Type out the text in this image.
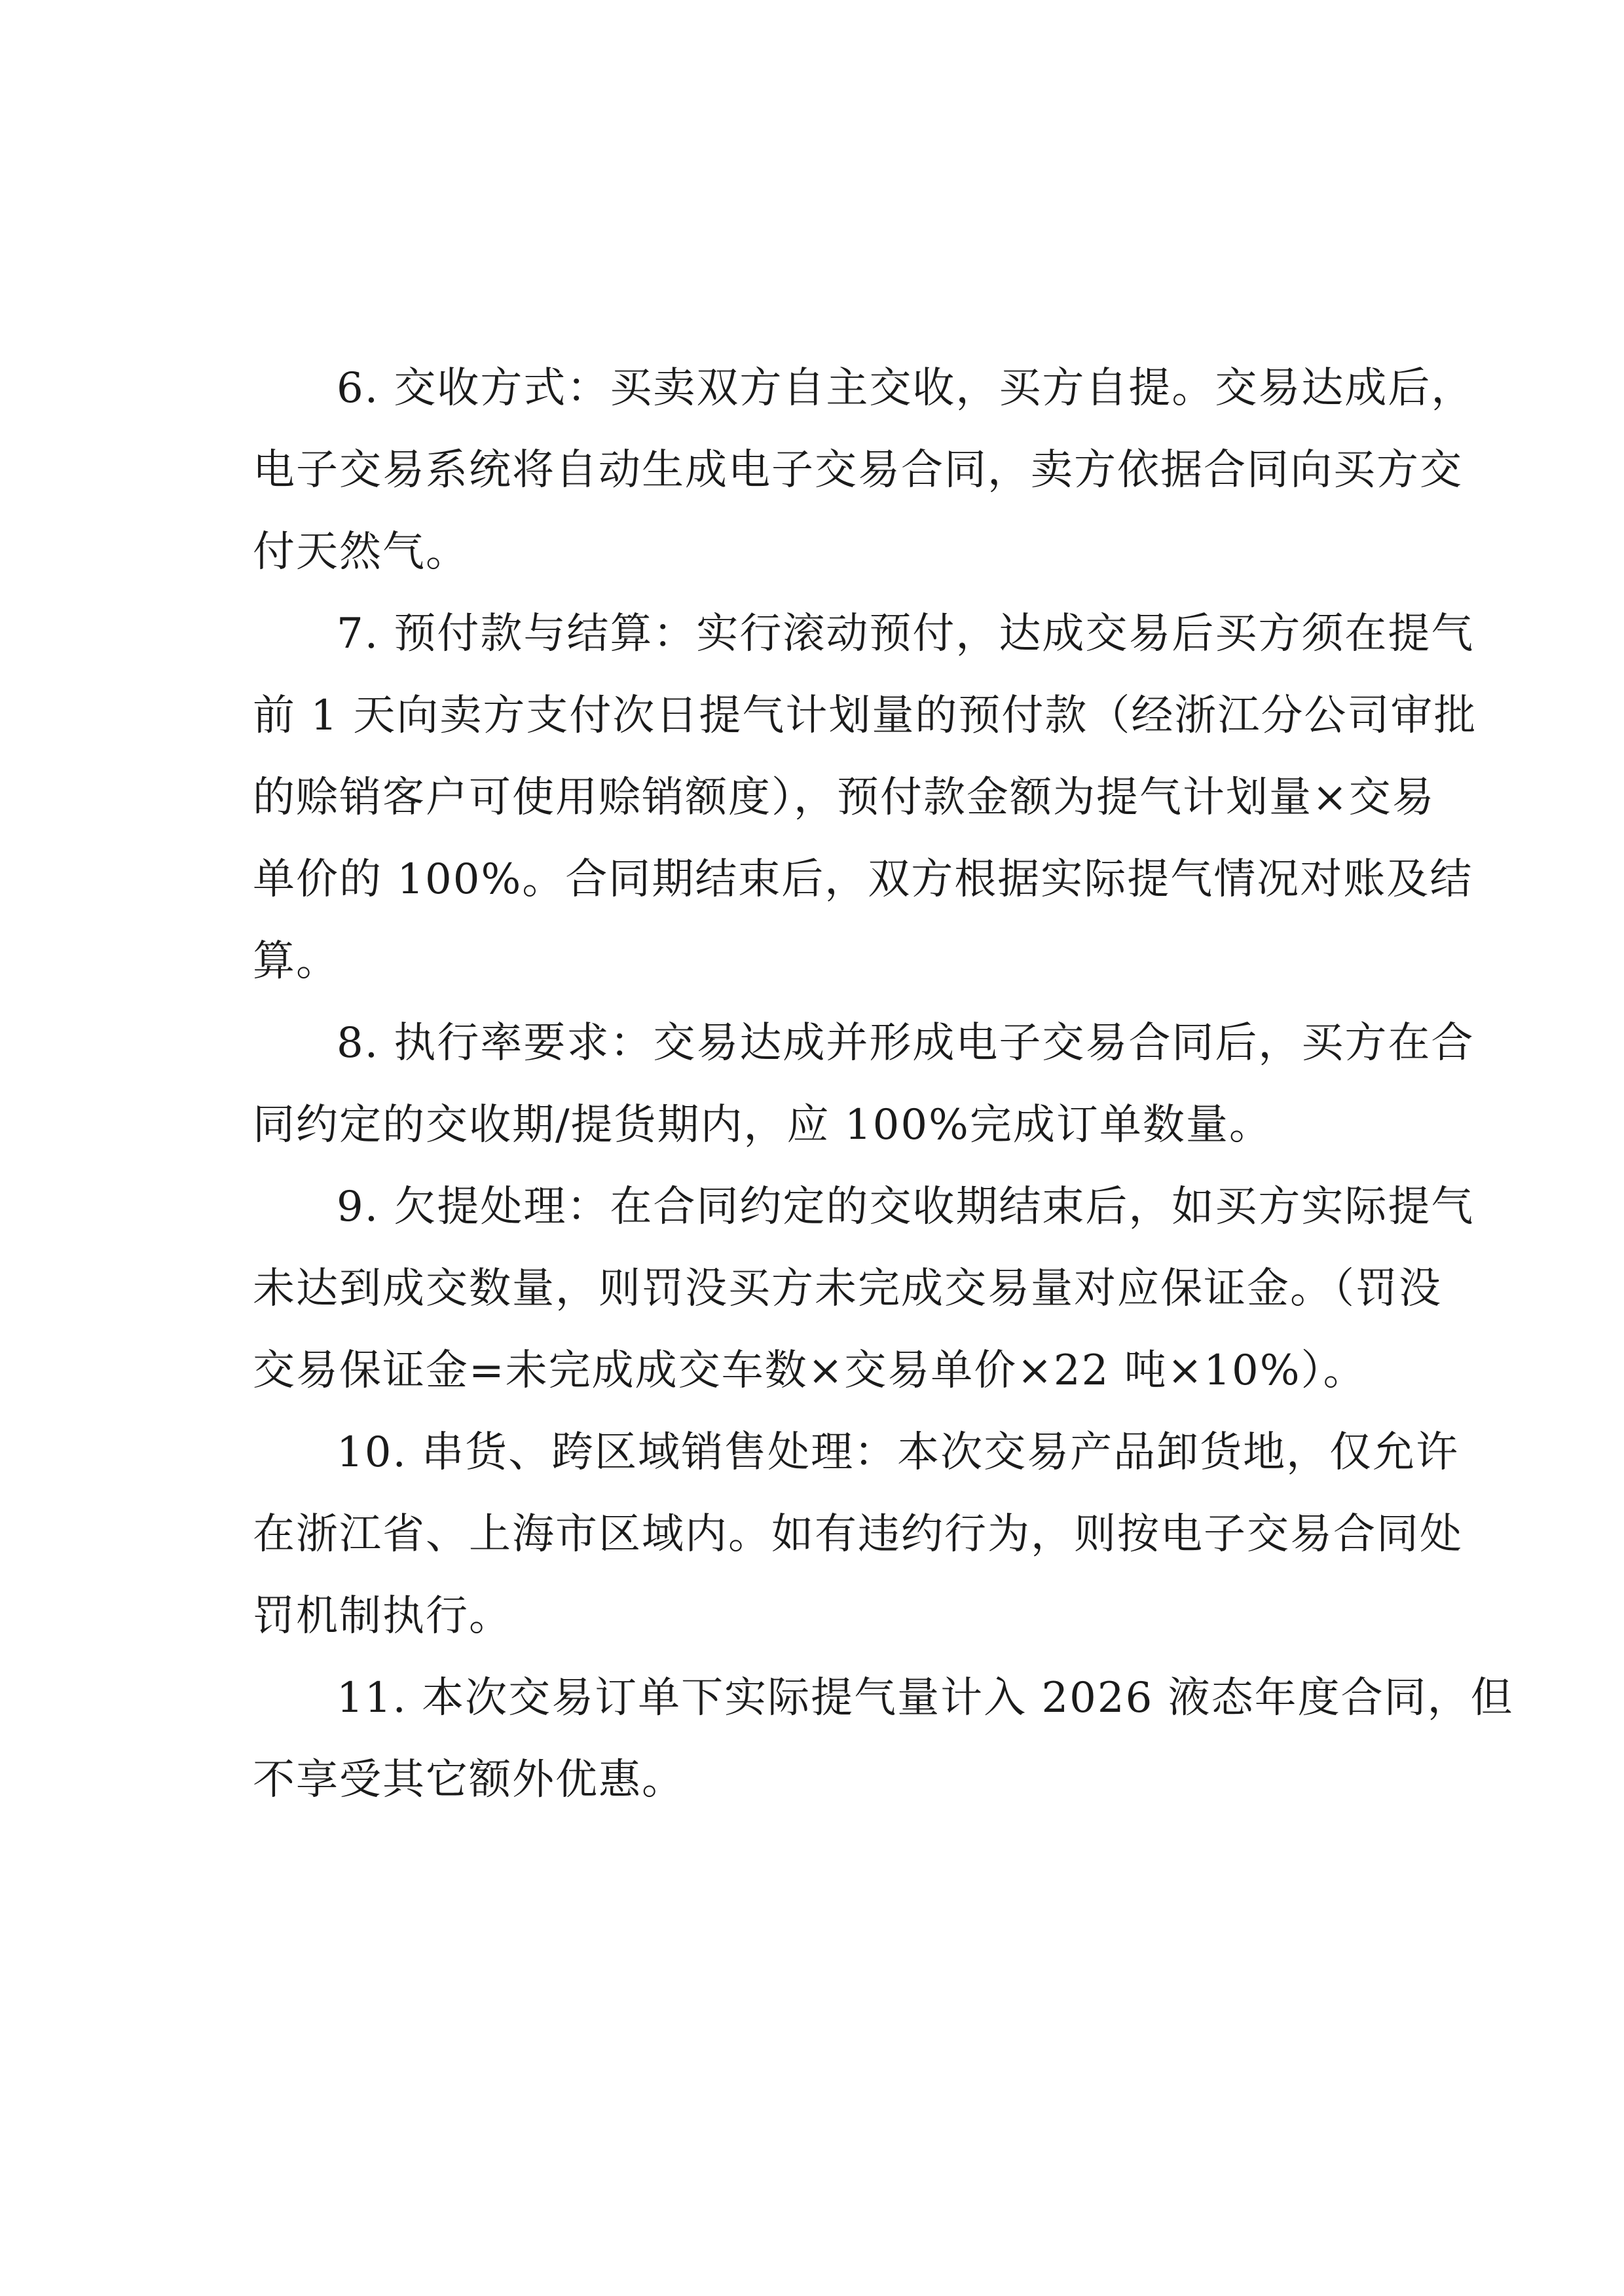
6. 交收方式：买卖双方自主交收，买方自提。交易达成后，
电子交易系统将自动生成电子交易合同，卖方依据合同向买方交
付天然气。

7. 预付款与结算：实行滚动预付，达成交易后买方须在提气
前 1 天向卖方支付次日提气计划量的预付款（经浙江分公司审批
的赊销客户可使用赊销额度），预付款金额为提气计划量×交易
单价的 100%。合同期结束后，双方根据实际提气情况对账及结
算。

8. 执行率要求：交易达成并形成电子交易合同后，买方在合
同约定的交收期/提货期内，应 100%完成订单数量。

9. 欠提处理：在合同约定的交收期结束后，如买方实际提气
未达到成交数量，则罚没买方未完成交易量对应保证金。（罚没
交易保证金=未完成成交车数×交易单价×22 吨×10%）。

10. 串货、跨区域销售处理：本次交易产品卸货地，仅允许
在浙江省、上海市区域内。如有违约行为，则按电子交易合同处
罚机制执行。

11. 本次交易订单下实际提气量计入 2026 液态年度合同，但
不享受其它额外优惠。
